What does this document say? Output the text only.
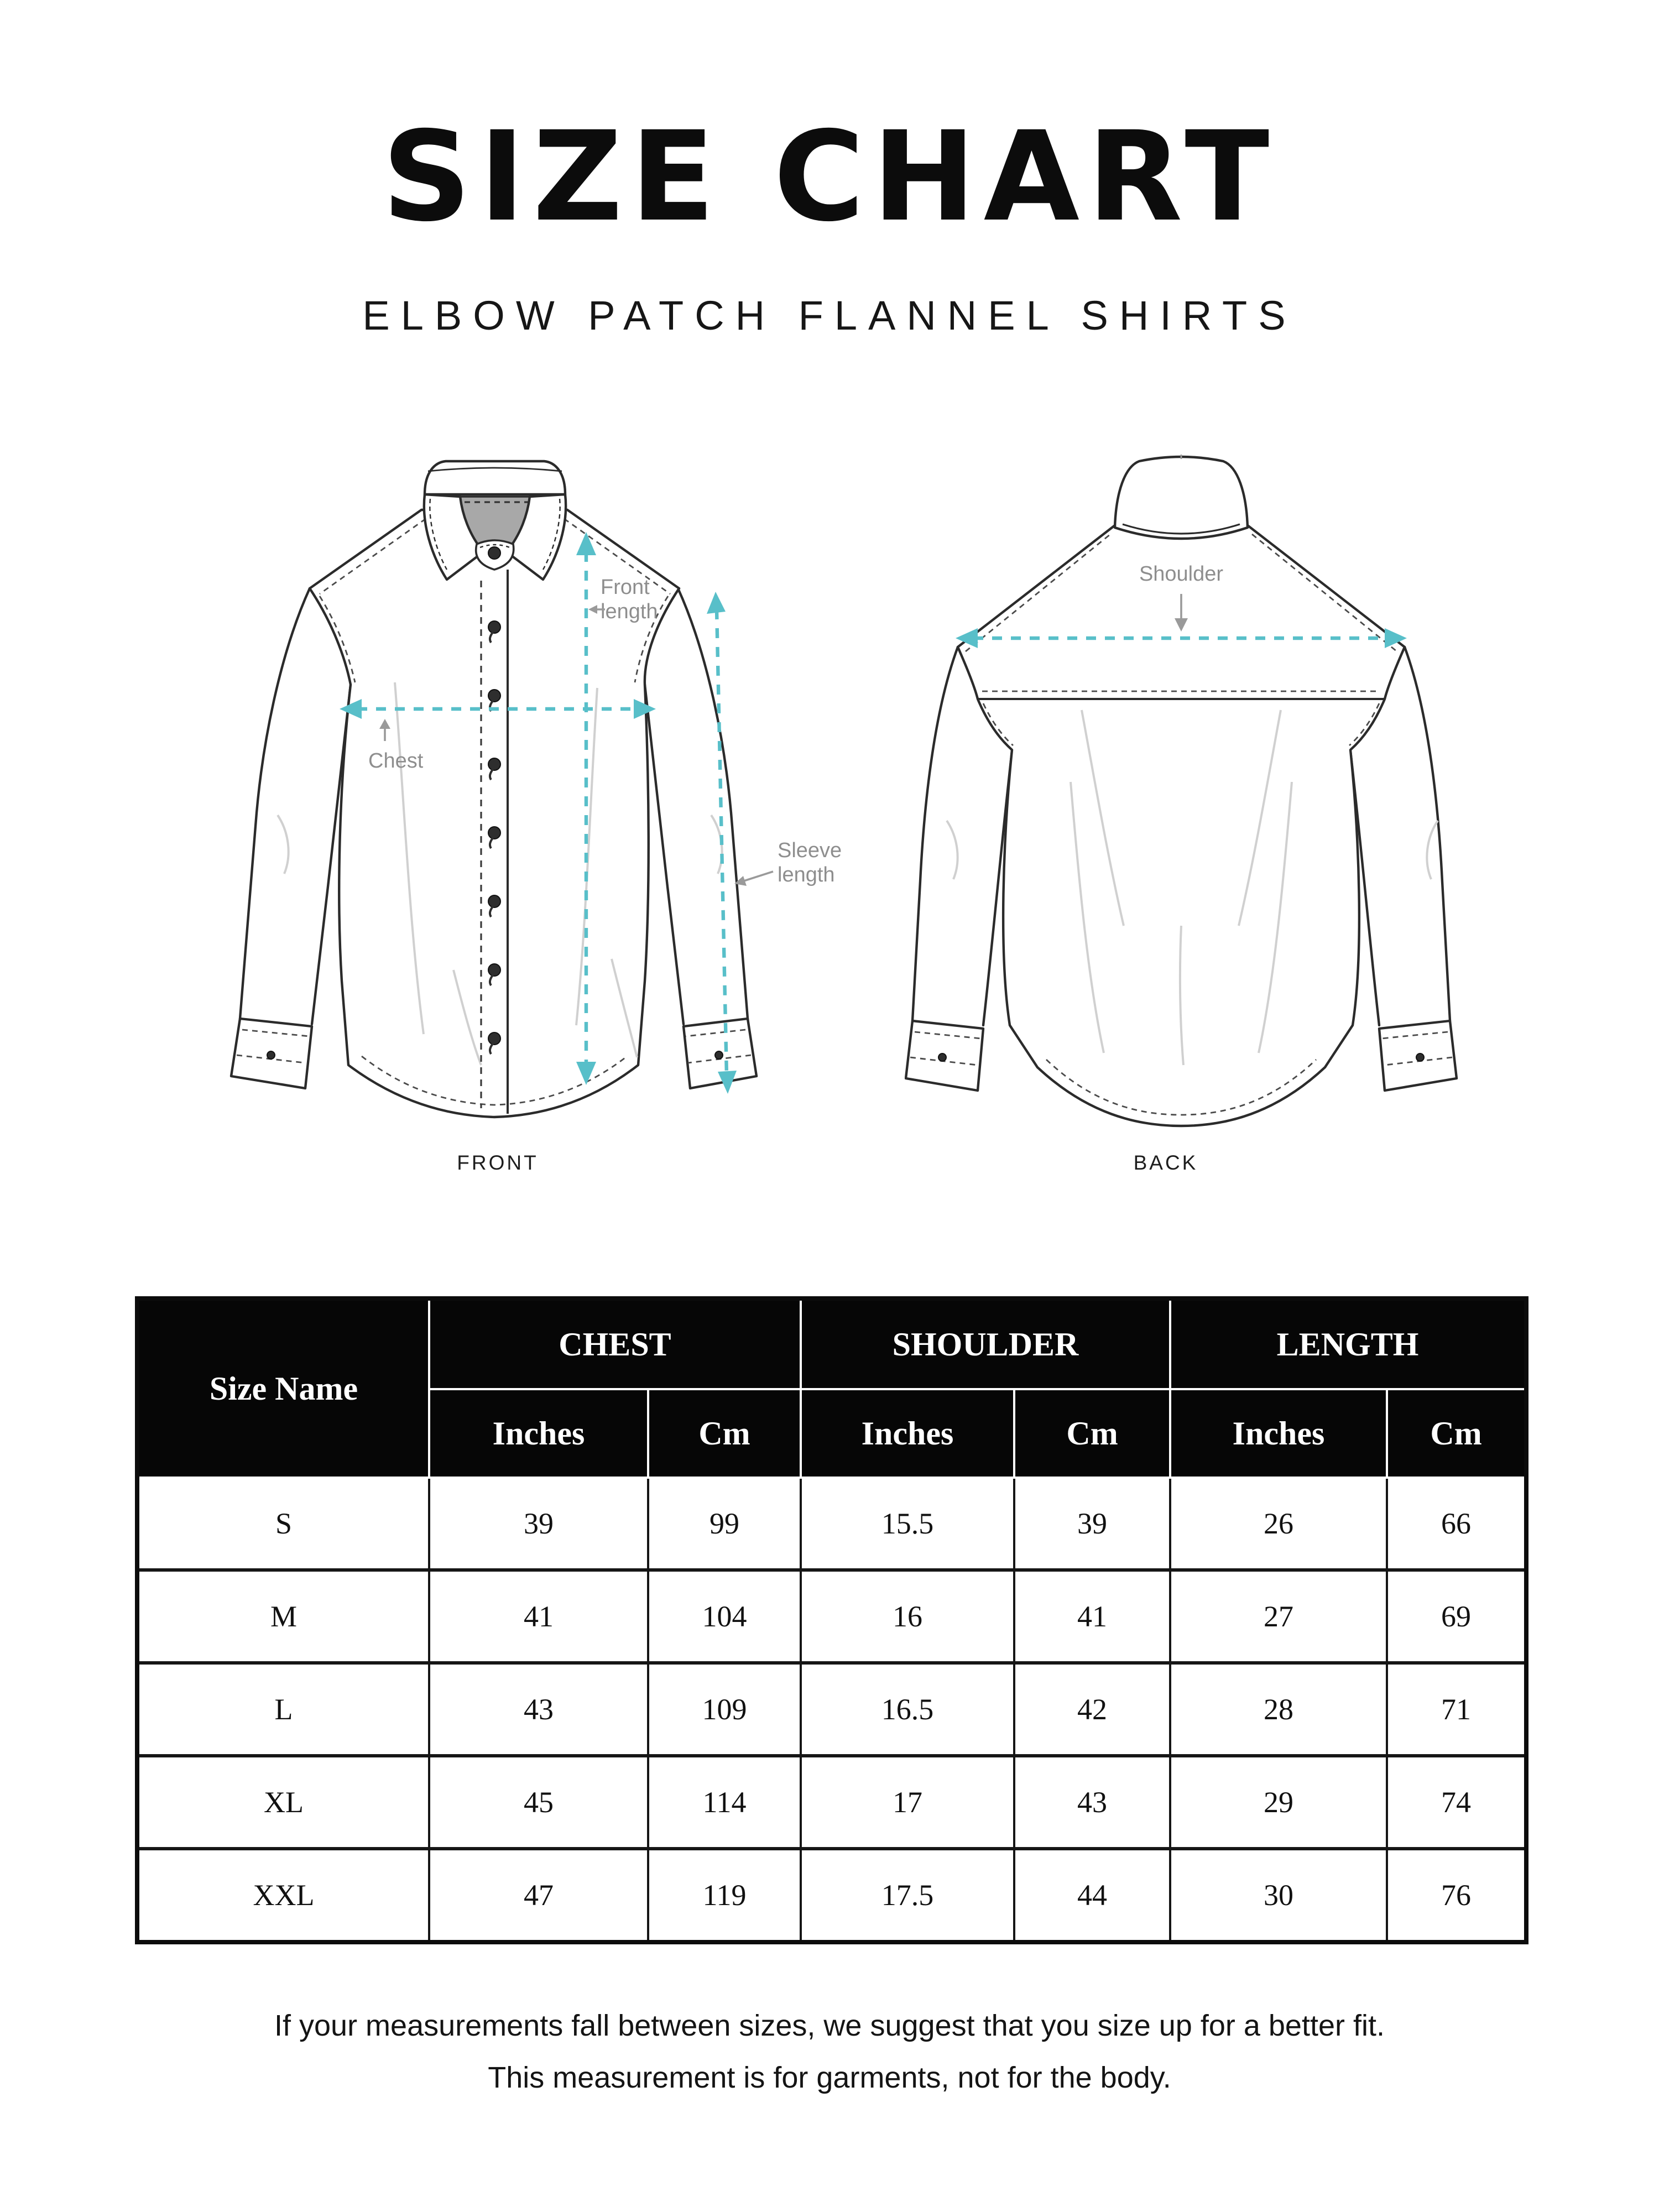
SIZE CHART
ELBOW PATCH FLANNEL SHIRTS
Front
length
Chest
Sleeve
length
Shoulder
FRONT	BACK
Size Name	CHEST		SHOULDER		LENGTH	
	Inches	Cm	Inches	Cm	Inches	Cm
S	39	99	15.5	39	26	66
M	41	104	16	41	27	69
L	43	109	16.5	42	28	71
XL	45	114	17	43	29	74
XXL	47	119	17.5	44	30	76
If your measurements fall between sizes, we suggest that you size up for a better fit.
This measurement is for garments, not for the body.
